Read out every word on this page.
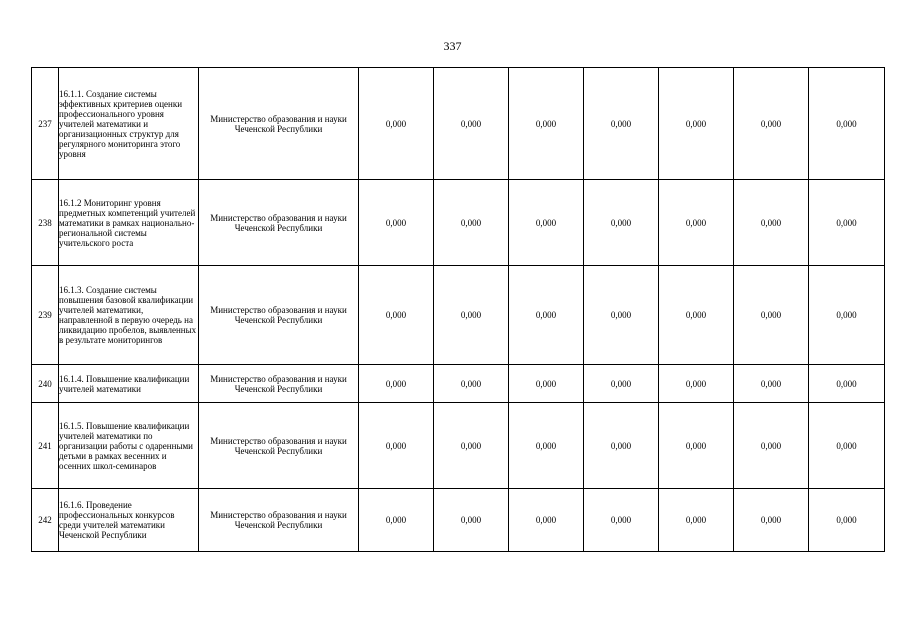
337
237	16.1.1. Создание системы эффективных критериев оценки профессионального уровня учителей математики и организационных структур для регулярного мониторинга этого уровня	Министерство образования и науки Чеченской Республики	0,000	0,000	0,000	0,000	0,000	0,000	0,000
238	16.1.2 Мониторинг уровня предметных компетенций учителей математики в рамках национально-региональной системы учительского роста	Министерство образования и науки Чеченской Республики	0,000	0,000	0,000	0,000	0,000	0,000	0,000
239	16.1.3. Создание системы повышения базовой квалификации учителей математики, направленной в первую очередь на ликвидацию пробелов, выявленных в результате мониторингов	Министерство образования и науки Чеченской Республики	0,000	0,000	0,000	0,000	0,000	0,000	0,000
240	16.1.4. Повышение квалификации учителей математики	Министерство образования и науки Чеченской Республики	0,000	0,000	0,000	0,000	0,000	0,000	0,000
241	16.1.5. Повышение квалификации учителей математики по организации работы с одаренными детьми в рамках весенних и осенних школ-семинаров	Министерство образования и науки Чеченской Республики	0,000	0,000	0,000	0,000	0,000	0,000	0,000
242	16.1.6. Проведение профессиональных конкурсов среди учителей математики Чеченской Республики	Министерство образования и науки Чеченской Республики	0,000	0,000	0,000	0,000	0,000	0,000	0,000
